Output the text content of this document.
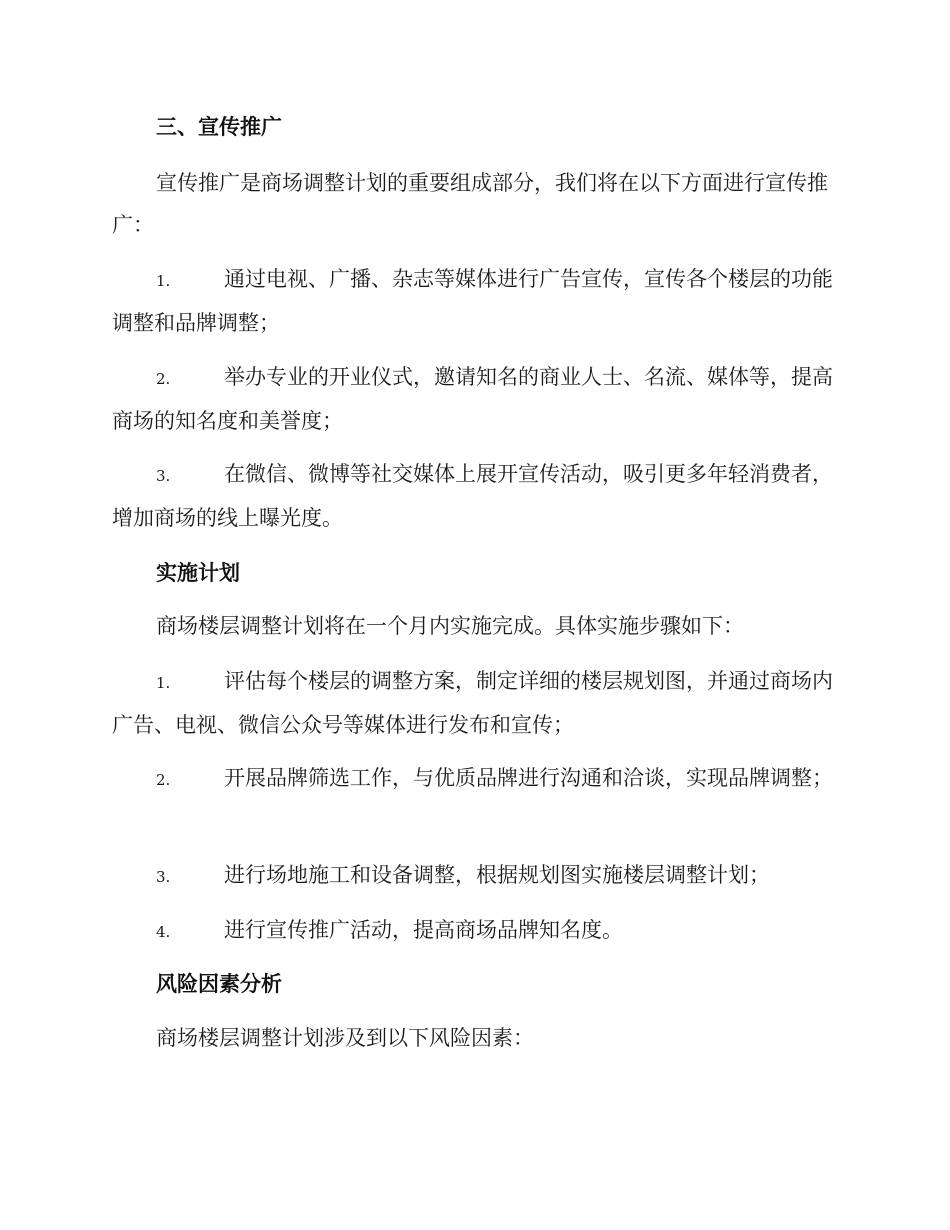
三、宣传推广
宣传推广是商场调整计划的重要组成部分，我们将在以下方面进行宣传推广：
1.	通过电视、广播、杂志等媒体进行广告宣传，宣传各个楼层的功能调整和品牌调整；
2.	举办专业的开业仪式，邀请知名的商业人士、名流、媒体等，提高商场的知名度和美誉度；
3.	在微信、微博等社交媒体上展开宣传活动，吸引更多年轻消费者，增加商场的线上曝光度。
实施计划
商场楼层调整计划将在一个月内实施完成。具体实施步骤如下：
1.	评估每个楼层的调整方案，制定详细的楼层规划图，并通过商场内广告、电视、微信公众号等媒体进行发布和宣传；
2.	开展品牌筛选工作，与优质品牌进行沟通和洽谈，实现品牌调整；
3.	进行场地施工和设备调整，根据规划图实施楼层调整计划；
4.	进行宣传推广活动，提高商场品牌知名度。
风险因素分析
商场楼层调整计划涉及到以下风险因素：
